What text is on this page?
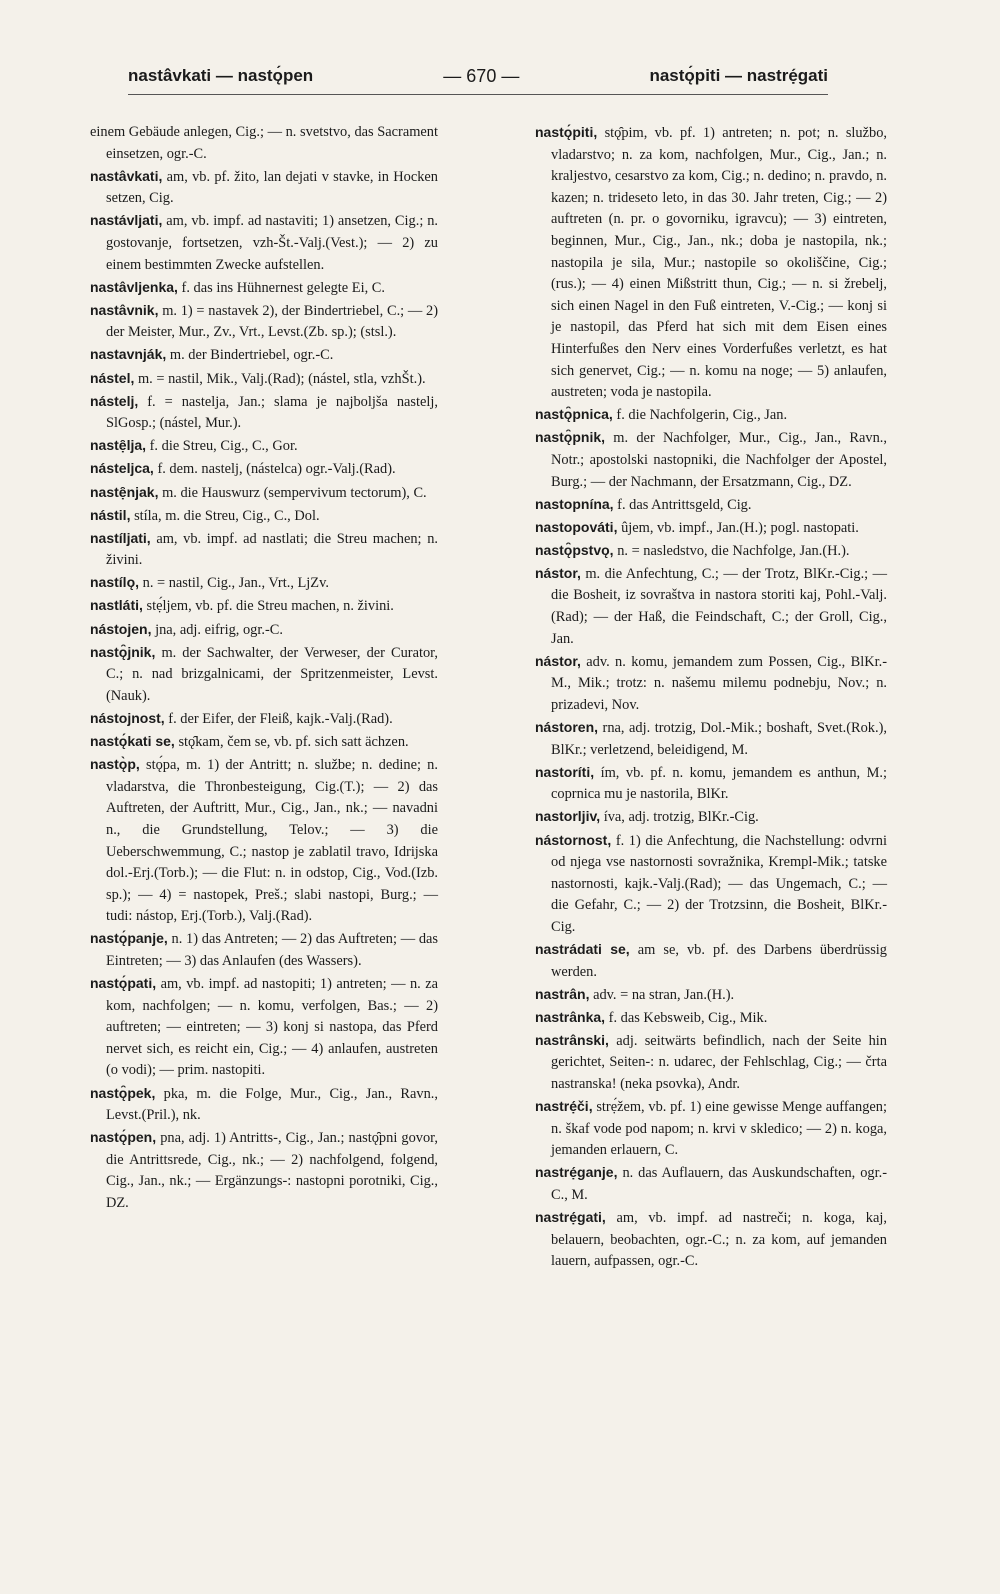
nastâvkati — nastǫ́pen	— 670 —	nastǫ́piti — nastrẹ́gati

einem Gebäude anlegen, Cig.; — n. svetstvo, das Sacrament einsetzen, ogr.-C.

nastâvkati, am, vb. pf. žito, lan dejati v stavke, in Hocken setzen, Cig.

nastávljati, am, vb. impf. ad nastaviti; 1) ansetzen, Cig.; n. gostovanje, fortsetzen, vzh-Št.-Valj.(Vest.); — 2) zu einem bestimmten Zwecke aufstellen.

nastâvljenka, f. das ins Hühnernest gelegte Ei, C.

nastâvnik, m. 1) = nastavek 2), der Bindertriebel, C.; — 2) der Meister, Mur., Zv., Vrt., Levst.(Zb. sp.); (stsl.).

nastavnják, m. der Bindertriebel, ogr.-C.

nástel, m. = nastil, Mik., Valj.(Rad); (nástel, stla, vzhŠt.).

nástelj, f. = nastelja, Jan.; slama je najboljša nastelj, SlGosp.; (nástel, Mur.).

nastẹ̑lja, f. die Streu, Cig., C., Gor.

násteljca, f. dem. nastelj, (nástelca) ogr.-Valj.(Rad).

nastẹ̑njak, m. die Hauswurz (sempervivum tectorum), C.

nástil, stíla, m. die Streu, Cig., C., Dol.

nastíljati, am, vb. impf. ad nastlati; die Streu machen; n. živini.

nastílǫ, n. = nastil, Cig., Jan., Vrt., LjZv.

nastláti, stẹ́ljem, vb. pf. die Streu machen, n. živini.

nástojen, jna, adj. eifrig, ogr.-C.

nastǫ̑jnik, m. der Sachwalter, der Verweser, der Curator, C.; n. nad brizgalnicami, der Spritzenmeister, Levst.(Nauk).

nástojnost, f. der Eifer, der Fleiß, kajk.-Valj.(Rad).

nastǫ́kati se, stǫ̑kam, čem se, vb. pf. sich satt ächzen.

nastǫ̀p, stǫ́pa, m. 1) der Antritt; n. službe; n. dedine; n. vladarstva, die Thronbesteigung, Cig.(T.); — 2) das Auftreten, der Auftritt, Mur., Cig., Jan., nk.; — navadni n., die Grundstellung, Telov.; — 3) die Ueberschwemmung, C.; nastop je zablatil travo, Idrijska dol.-Erj.(Torb.); — die Flut: n. in odstop, Cig., Vod.(Izb. sp.); — 4) = nastopek, Preš.; slabi nastopi, Burg.; — tudi: nástop, Erj.(Torb.), Valj.(Rad).

nastǫ́panje, n. 1) das Antreten; — 2) das Auftreten; — das Eintreten; — 3) das Anlaufen (des Wassers).

nastǫ́pati, am, vb. impf. ad nastopiti; 1) antreten; — n. za kom, nachfolgen; — n. komu, verfolgen, Bas.; — 2) auftreten; — eintreten; — 3) konj si nastopa, das Pferd nervet sich, es reicht ein, Cig.; — 4) anlaufen, austreten (o vodi); — prim. nastopiti.

nastǫ̑pek, pka, m. die Folge, Mur., Cig., Jan., Ravn., Levst.(Pril.), nk.

nastǫ́pen, pna, adj. 1) Antritts-, Cig., Jan.; nastǫ̑pni govor, die Antrittsrede, Cig., nk.; — 2) nachfolgend, folgend, Cig., Jan., nk.; — Ergänzungs-: nastopni porotniki, Cig., DZ.

nastǫ́piti, stǫ̑pim, vb. pf. 1) antreten; n. pot; n. službo, vladarstvo; n. za kom, nachfolgen, Mur., Cig., Jan.; n. kraljestvo, cesarstvo za kom, Cig.; n. dedino; n. pravdo, n. kazen; n. trideseto leto, in das 30. Jahr treten, Cig.; — 2) auftreten (n. pr. o govorniku, igravcu); — 3) eintreten, beginnen, Mur., Cig., Jan., nk.; doba je nastopila, nk.; nastopila je sila, Mur.; nastopile so okoliščine, Cig.; (rus.); — 4) einen Mißstritt thun, Cig.; — n. si žrebelj, sich einen Nagel in den Fuß eintreten, V.-Cig.; — konj si je nastopil, das Pferd hat sich mit dem Eisen eines Hinterfußes den Nerv eines Vorderfußes verletzt, es hat sich genervet, Cig.; — n. komu na noge; — 5) anlaufen, austreten; voda je nastopila.

nastǫ̑pnica, f. die Nachfolgerin, Cig., Jan.

nastǫ̑pnik, m. der Nachfolger, Mur., Cig., Jan., Ravn., Notr.; apostolski nastopniki, die Nachfolger der Apostel, Burg.; — der Nachmann, der Ersatzmann, Cig., DZ.

nastopnína, f. das Antrittsgeld, Cig.

nastopováti, ûjem, vb. impf., Jan.(H.); pogl. nastopati.

nastǫ̑pstvǫ, n. = nasledstvo, die Nachfolge, Jan.(H.).

nástor, m. die Anfechtung, C.; — der Trotz, BlKr.-Cig.; — die Bosheit, iz sovraštva in nastora storiti kaj, Pohl.-Valj.(Rad); — der Haß, die Feindschaft, C.; der Groll, Cig., Jan.

nástor, adv. n. komu, jemandem zum Possen, Cig., BlKr.-M., Mik.; trotz: n. našemu milemu podnebju, Nov.; n. prizadevi, Nov.

nástoren, rna, adj. trotzig, Dol.-Mik.; boshaft, Svet.(Rok.), BlKr.; verletzend, beleidigend, M.

nastoríti, ím, vb. pf. n. komu, jemandem es anthun, M.; coprnica mu je nastorila, BlKr.

nastorljiv, íva, adj. trotzig, BlKr.-Cig.

nástornost, f. 1) die Anfechtung, die Nachstellung: odvrni od njega vse nastornosti sovražnika, Krempl-Mik.; tatske nastornosti, kajk.-Valj.(Rad); — das Ungemach, C.; — die Gefahr, C.; — 2) der Trotzsinn, die Bosheit, BlKr.-Cig.

nastrádati se, am se, vb. pf. des Darbens überdrüssig werden.

nastrân, adv. = na stran, Jan.(H.).

nastrânka, f. das Kebsweib, Cig., Mik.

nastrânski, adj. seitwärts befindlich, nach der Seite hin gerichtet, Seiten-: n. udarec, der Fehlschlag, Cig.; — črta nastranska! (neka psovka), Andr.

nastrẹ́či, strẹ́žem, vb. pf. 1) eine gewisse Menge auffangen; n. škaf vode pod napom; n. krvi v skledico; — 2) n. koga, jemanden erlauern, C.

nastrẹ́ganje, n. das Auflauern, das Auskundschaften, ogr.-C., M.

nastrẹ́gati, am, vb. impf. ad nastreči; n. koga, kaj, belauern, beobachten, ogr.-C.; n. za kom, auf jemanden lauern, aufpassen, ogr.-C.
